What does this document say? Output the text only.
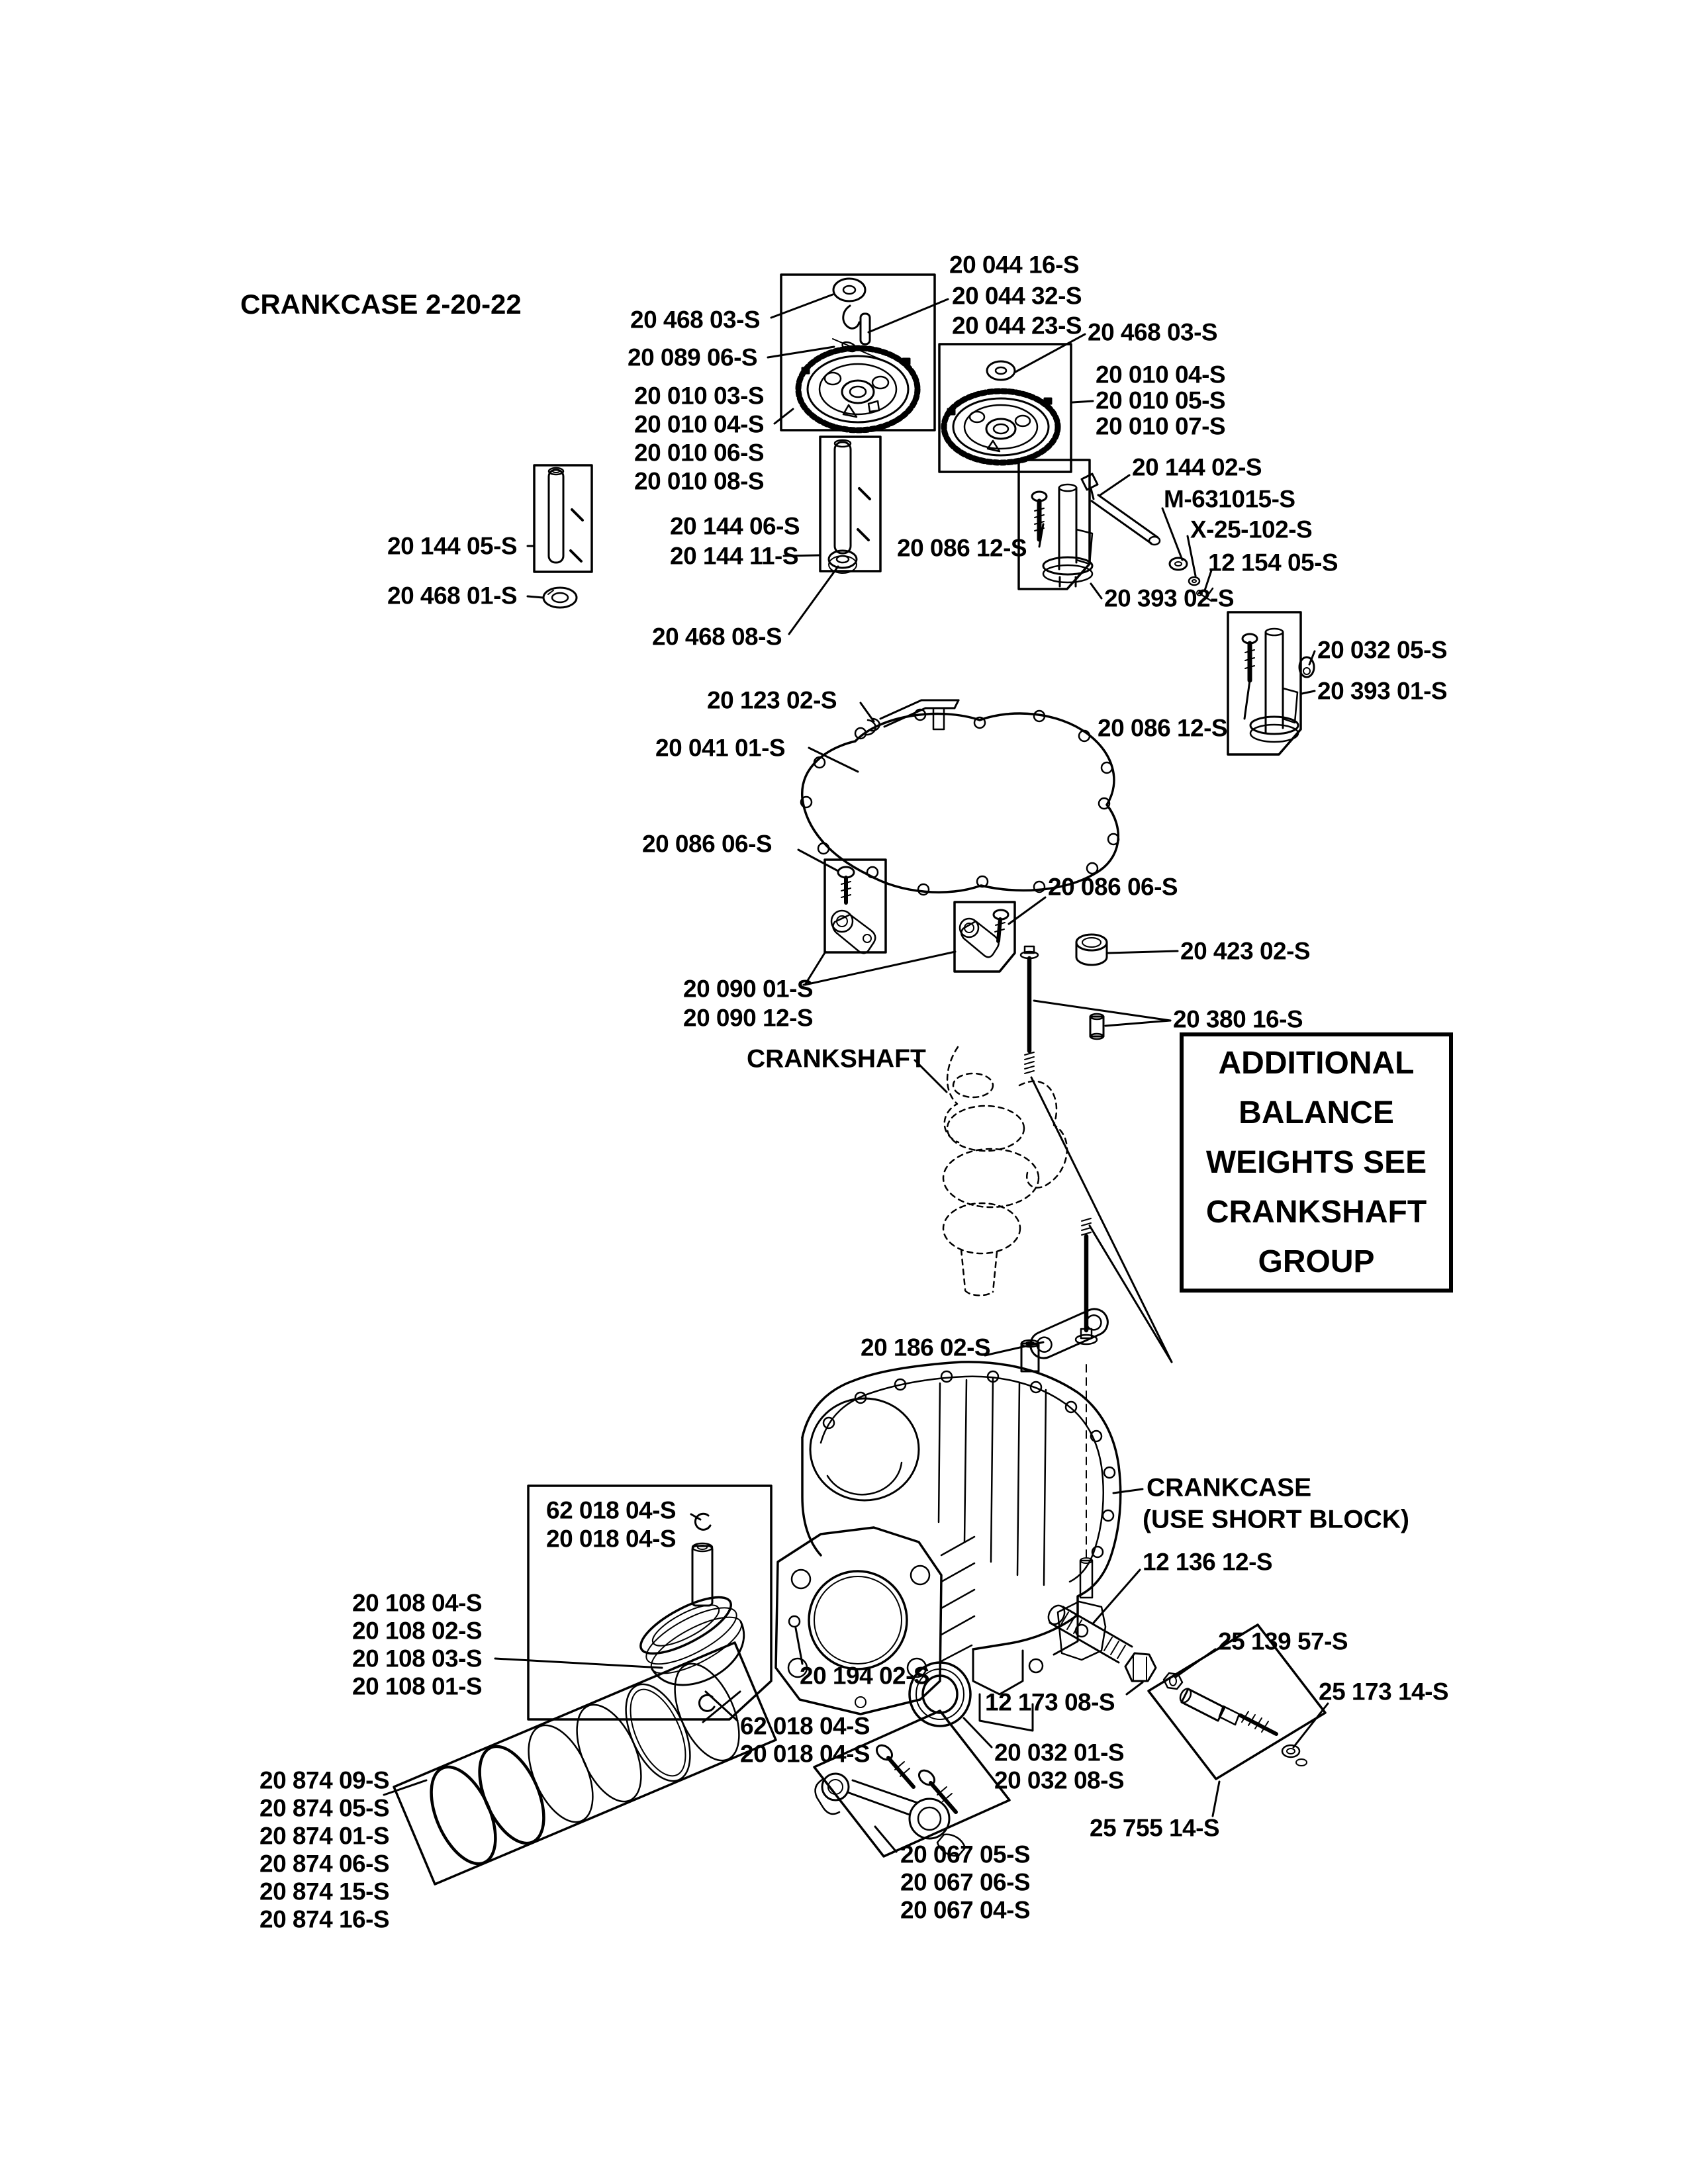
CRANKCASE 2-20-22
20 044 16-S
20 044 32-S
20 044 23-S
20 468 03-S
20 089 06-S
20 010 03-S
20 010 04-S
20 010 06-S
20 010 08-S
20 468 03-S
20 010 04-S
20 010 05-S
20 010 07-S
20 144 02-S
M-631015-S
X-25-102-S
12 154 05-S
20 393 02-S
20 032 05-S
20 393 01-S
20 086 12-S
20 144 06-S
20 144 11-S
20 144 05-S
20 468 01-S
20 468 08-S
20 086 12-S
20 123 02-S
20 041 01-S
20 086 06-S
20 086 06-S
20 423 02-S
20 090 01-S
20 090 12-S	20 380 16-S
20 186 02-S
62 018 04-S
20 018 04-S
20 108 04-S
20 108 02-S
20 108 03-S
20 108 01-S
12 136 12-S
25 139 57-S
20 194 02-S
12 173 08-S	25 173 14-S
62 018 04-S
20 018 04-S	20 032 01-S
20 032 08-S
20 874 09-S
20 874 05-S
20 874 01-S
20 874 06-S
20 874 15-S
20 874 16-S
25 755 14-S
20 067 05-S
20 067 06-S
20 067 04-S
CRANKSHAFT
CRANKCASE
(USE SHORT BLOCK)
ADDITIONAL
BALANCE
WEIGHTS SEE
CRANKSHAFT
GROUP
